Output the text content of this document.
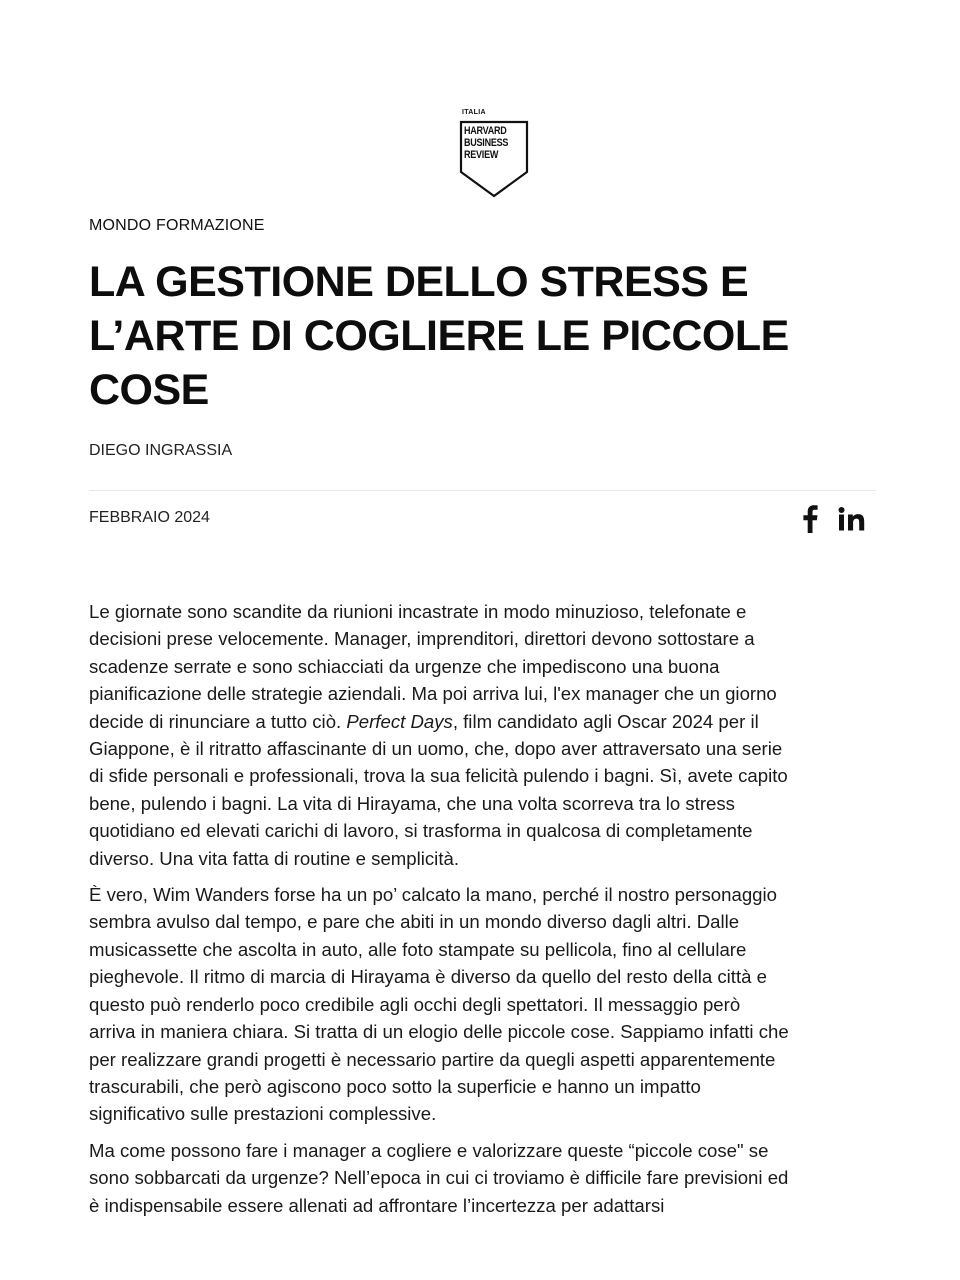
ITALIA
HARVARD
BUSINESS
REVIEW
MONDO FORMAZIONE
LA GESTIONE DELLO STRESS E
L’ARTE DI COGLIERE LE PICCOLE
COSE
DIEGO INGRASSIA
FEBBRAIO 2024

Le giornate sono scandite da riunioni incastrate in modo minuzioso, telefonate e
decisioni prese velocemente. Manager, imprenditori, direttori devono sottostare a
scadenze serrate e sono schiacciati da urgenze che impediscono una buona
pianificazione delle strategie aziendali. Ma poi arriva lui, l'ex manager che un giorno
decide di rinunciare a tutto ciò. Perfect Days, film candidato agli Oscar 2024 per il
Giappone, è il ritratto affascinante di un uomo, che, dopo aver attraversato una serie
di sfide personali e professionali, trova la sua felicità pulendo i bagni. Sì, avete capito
bene, pulendo i bagni. La vita di Hirayama, che una volta scorreva tra lo stress
quotidiano ed elevati carichi di lavoro, si trasforma in qualcosa di completamente
diverso. Una vita fatta di routine e semplicità.

È vero, Wim Wanders forse ha un po’ calcato la mano, perché il nostro personaggio
sembra avulso dal tempo, e pare che abiti in un mondo diverso dagli altri. Dalle
musicassette che ascolta in auto, alle foto stampate su pellicola, fino al cellulare
pieghevole. Il ritmo di marcia di Hirayama è diverso da quello del resto della città e
questo può renderlo poco credibile agli occhi degli spettatori. Il messaggio però
arriva in maniera chiara. Si tratta di un elogio delle piccole cose. Sappiamo infatti che
per realizzare grandi progetti è necessario partire da quegli aspetti apparentemente
trascurabili, che però agiscono poco sotto la superficie e hanno un impatto
significativo sulle prestazioni complessive.

Ma come possono fare i manager a cogliere e valorizzare queste “piccole cose" se
sono sobbarcati da urgenze? Nell’epoca in cui ci troviamo è difficile fare previsioni ed
è indispensabile essere allenati ad affrontare l’incertezza per adattarsi
